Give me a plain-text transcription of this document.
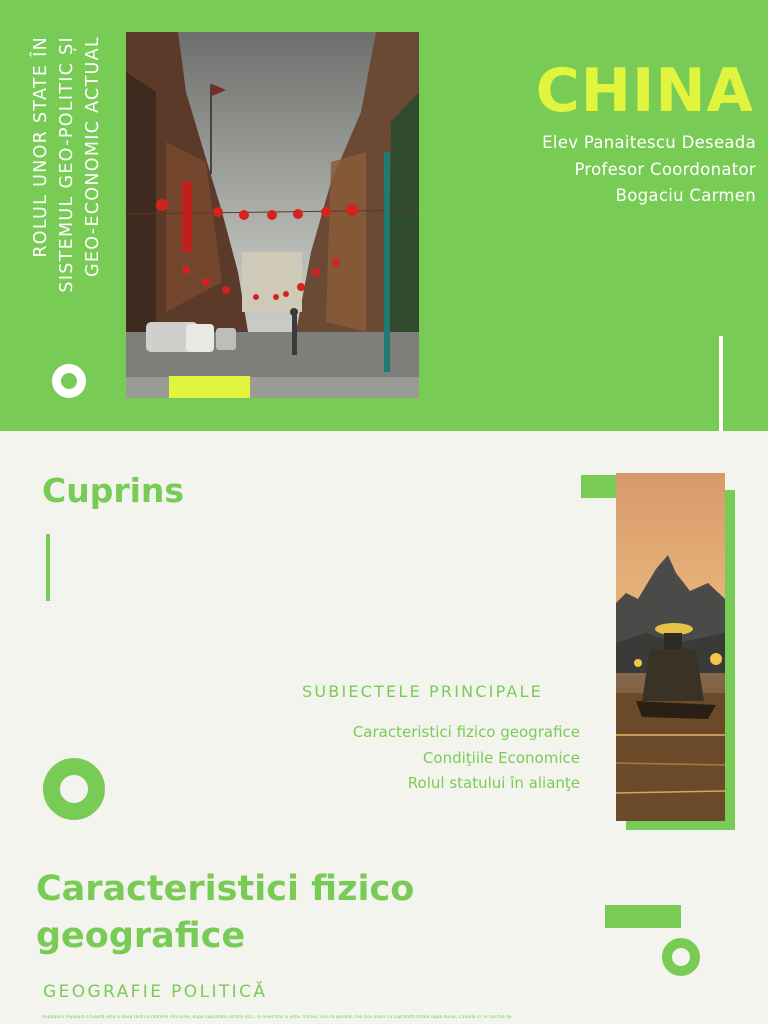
ROLUL UNOR STATE ÎN SISTEMUL GEO-POLITIC ȘI GEO-ECONOMIC ACTUAL	CHINA
Elev Panaitescu Deseada
Profesor Coordonator
Bogaciu Carmen
Cuprins
SUBIECTELE PRINCIPALE
Caracteristici fizico geografice
Condiţiile Economice
Rolul statului în alianţe
Caracteristici fizico geografice
GEOGRAFIE POLITICĂ
Republica Populară Chineză este a doua țară ca mărime din lume, după suprafața uscată (R1), la nivel fizic și este, a treia, cea ca aproba, cea mai mare ca suprafață totală după Rusia, Canada și, în funcție de
